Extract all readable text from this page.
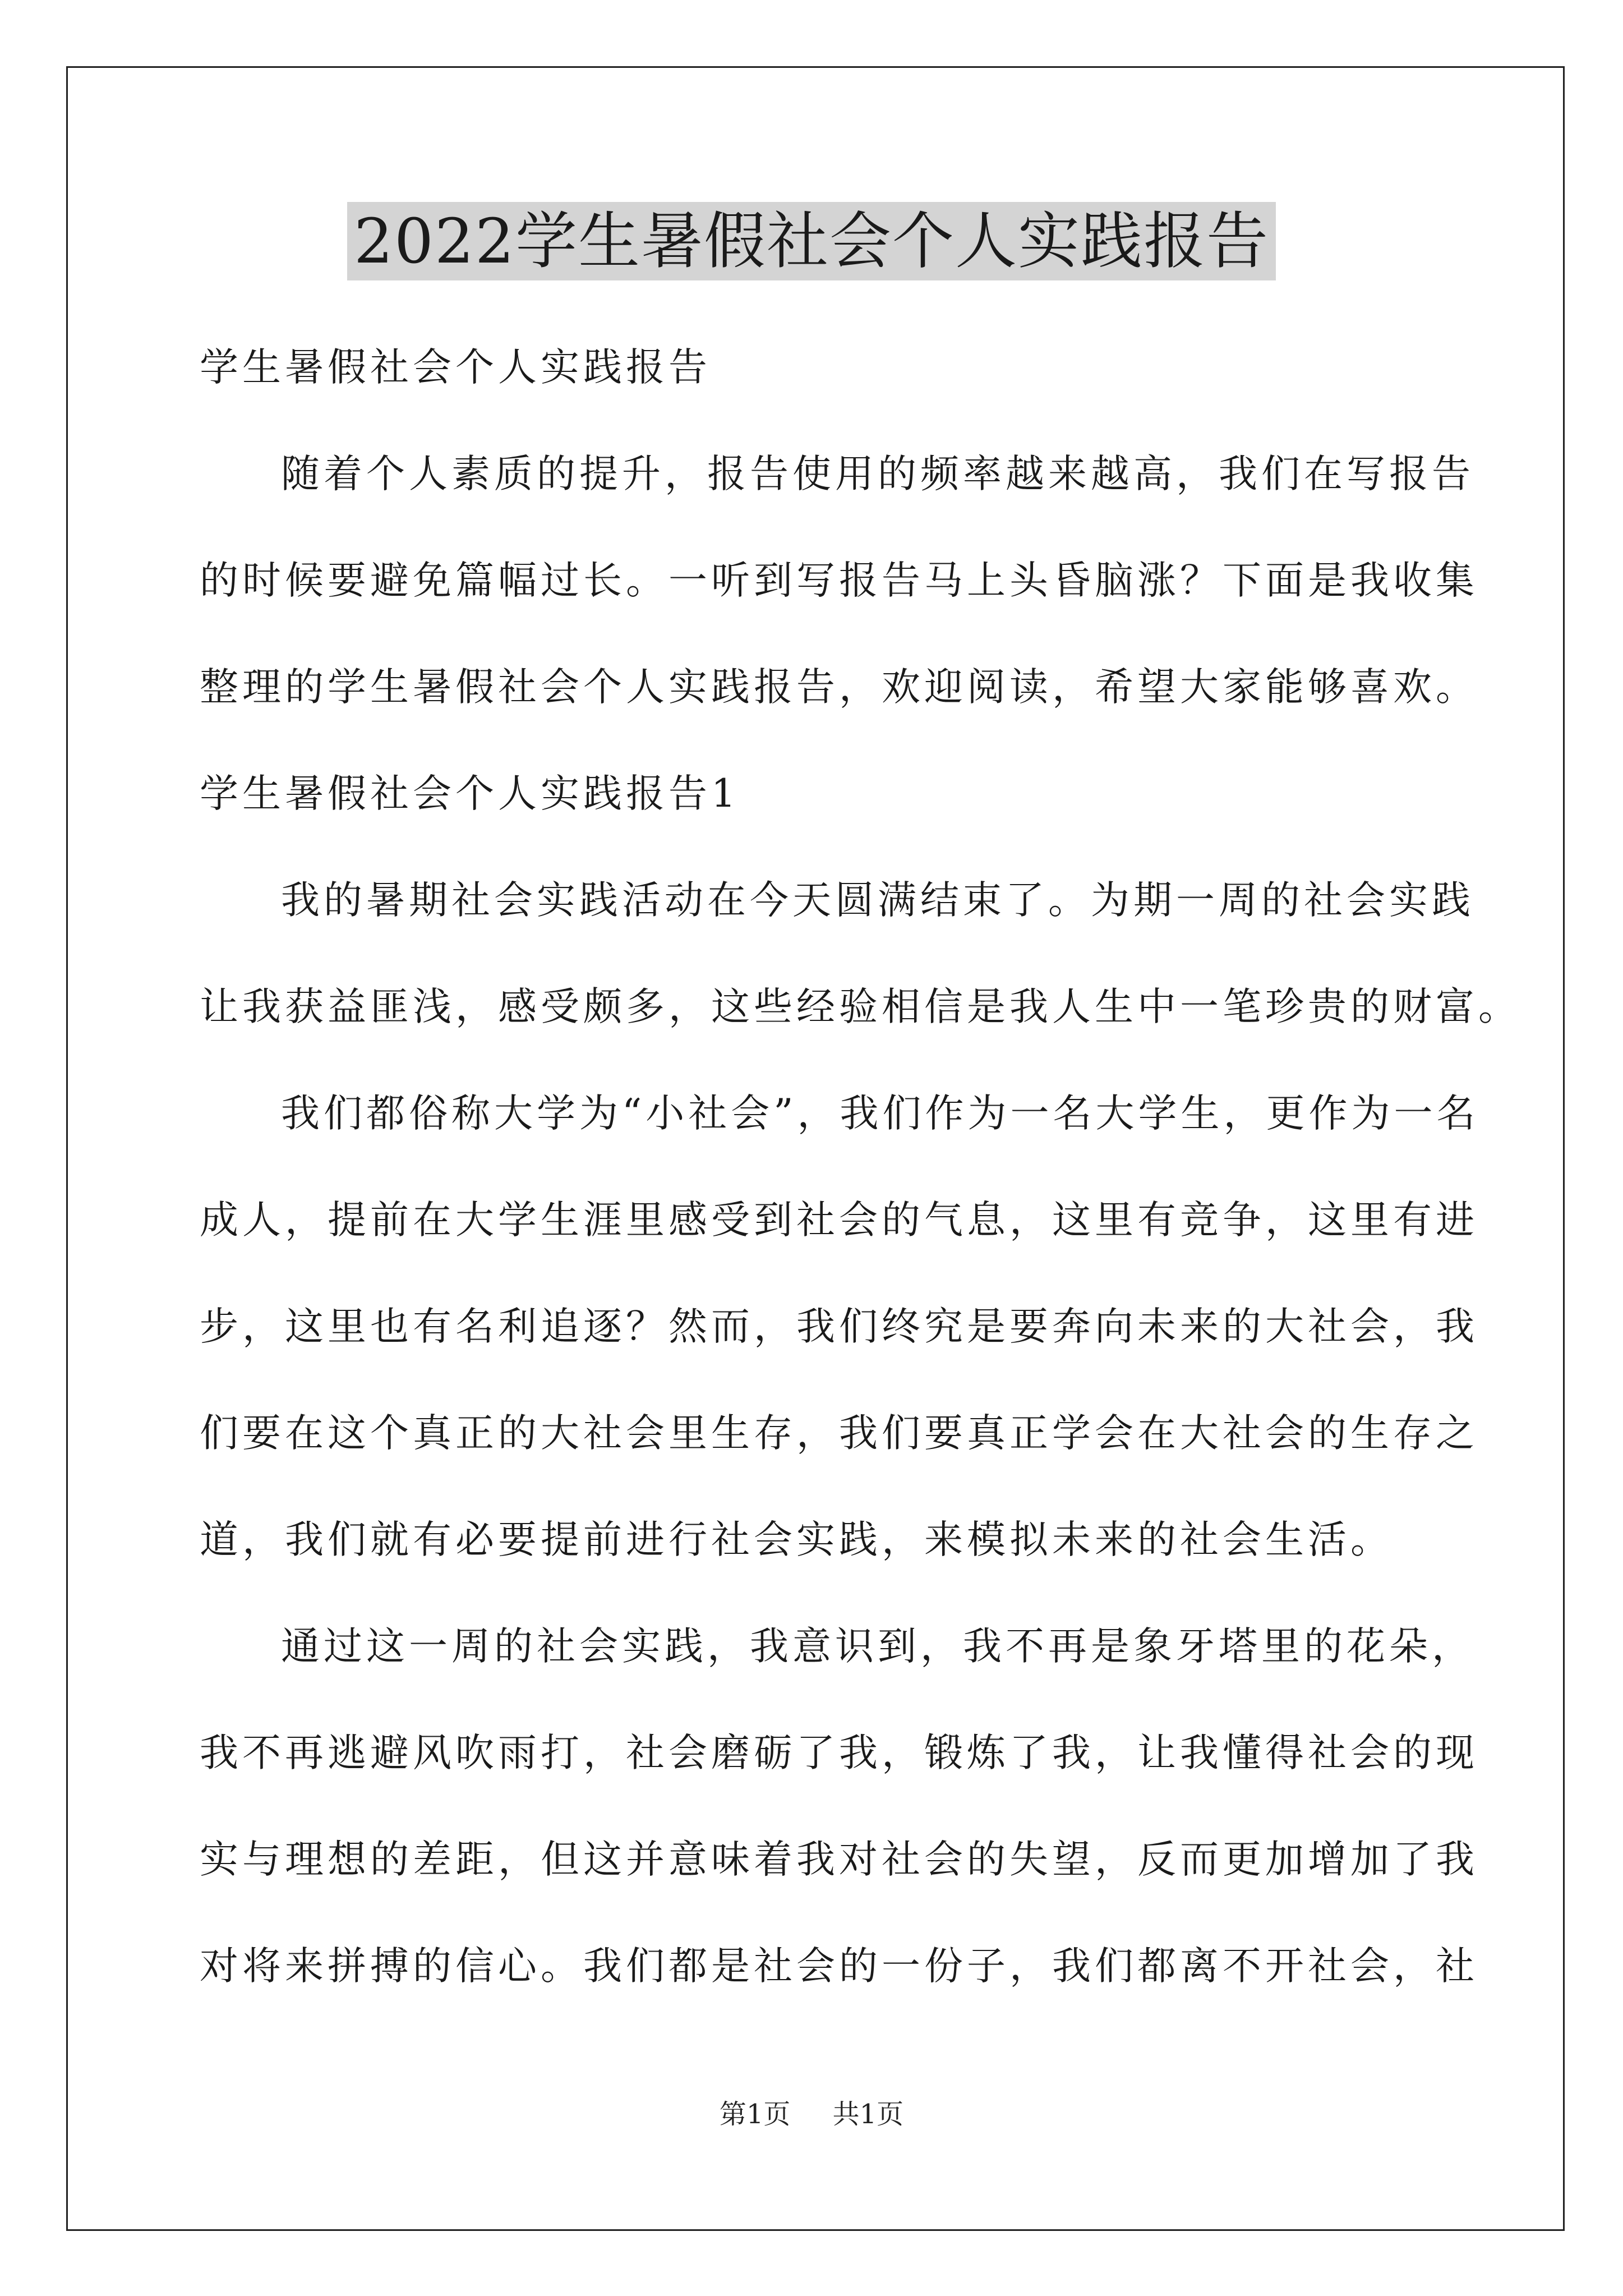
2022学生暑假社会个人实践报告
学生暑假社会个人实践报告
随着个人素质的提升，报告使用的频率越来越高，我们在写报告
的时候要避免篇幅过长。一听到写报告马上头昏脑涨？下面是我收集
整理的学生暑假社会个人实践报告，欢迎阅读，希望大家能够喜欢。
学生暑假社会个人实践报告1
我的暑期社会实践活动在今天圆满结束了。为期一周的社会实践
让我获益匪浅，感受颇多，这些经验相信是我人生中一笔珍贵的财富。
我们都俗称大学为“小社会”，我们作为一名大学生，更作为一名
成人，提前在大学生涯里感受到社会的气息，这里有竞争，这里有进
步，这里也有名利追逐？然而，我们终究是要奔向未来的大社会，我
们要在这个真正的大社会里生存，我们要真正学会在大社会的生存之
道，我们就有必要提前进行社会实践，来模拟未来的社会生活。
通过这一周的社会实践，我意识到，我不再是象牙塔里的花朵，
我不再逃避风吹雨打，社会磨砺了我，锻炼了我，让我懂得社会的现
实与理想的差距，但这并意味着我对社会的失望，反而更加增加了我
对将来拼搏的信心。我们都是社会的一份子，我们都离不开社会，社
第1页 共1页
